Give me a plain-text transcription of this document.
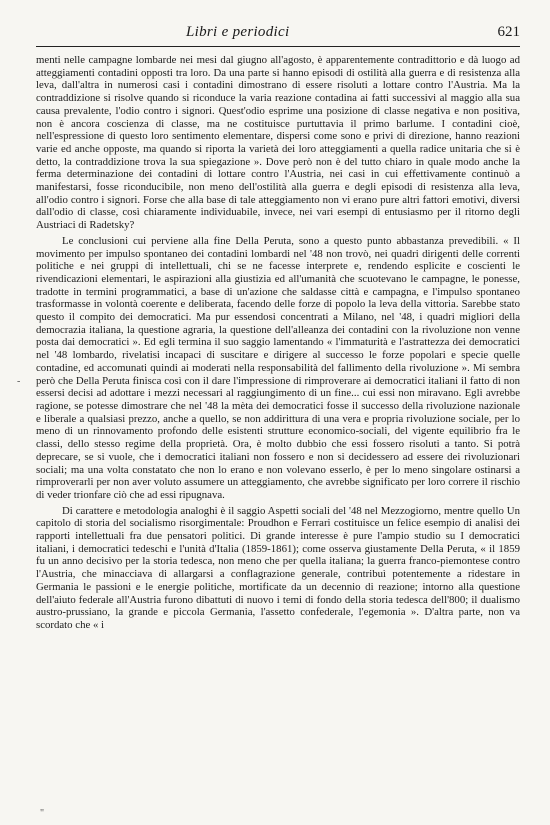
Libri e periodici	621
-

menti nelle campagne lombarde nei mesi dal giugno all'agosto, è apparentemente contradittorio e dà luogo ad atteggiamenti contadini opposti tra loro. Da una parte si hanno episodi di ostilità alla guerra e di resistenza alla leva, dall'altra in numerosi casi i contadini dimostrano di essere risoluti a lottare contro l'Austria. Ma la contraddizione si risolve quando si riconduce la varia reazione contadina ai fatti successivi al maggio alla sua causa prevalente, l'odio contro i signori. Quest'odio esprime una posizione di classe negativa e non positiva, non è ancora coscienza di classe, ma ne costituisce purtuttavia il primo barlume. I contadini cioè, nell'espressione di questo loro sentimento elementare, dispersi come sono e privi di direzione, hanno reazioni varie ed anche opposte, ma quando si riporta la varietà dei loro atteggiamenti a quella radice unitaria che si è detto, la contraddizione trova la sua spiegazione ». Dove però non è del tutto chiaro in quale modo anche la ferma determinazione dei contadini di lottare contro l'Austria, nei casi in cui effettivamente continuò a manifestarsi, fosse riconducibile, non meno dell'ostilità alla guerra e degli episodi di resistenza alla leva, all'odio contro i signori. Forse che alla base di tale atteggiamento non vi erano pure altri fattori emotivi, diversi dall'odio di classe, così chiaramente individuabile, invece, nei vari esempi di entusiasmo per il ritorno degli Austriaci di Radetsky?

Le conclusioni cui perviene alla fine Della Peruta, sono a questo punto abbastanza prevedibili. « Il movimento per impulso spontaneo dei contadini lombardi nel '48 non trovò, nei quadri dirigenti delle correnti politiche e nei gruppi di intellettuali, chi se ne facesse interprete e, rendendo esplicite e coscienti le rivendicazioni elementari, le aspirazioni alla giustizia ed all'umanità che scuotevano le campagne, le ponesse, tradotte in termini programmatici, a base di un'azione che saldasse città e campagna, e l'impulso spontaneo trasformasse in volontà coerente e deliberata, facendo delle forze di popolo la leva della vittoria. Sarebbe stato questo il compito dei democratici. Ma pur essendosi concentrati a Milano, nel '48, i quadri migliori della democrazia italiana, la questione agraria, la questione dell'alleanza dei contadini con la rivoluzione non venne posta dai democratici ». Ed egli termina il suo saggio lamentando « l'immaturità e l'astrattezza dei democratici nel '48 lombardo, rivelatisi incapaci di suscitare e dirigere al successo le forze popolari e specie quelle contadine, ed accomunati quindi ai moderati nella responsabilità del fallimento della rivoluzione ». Mi sembra però che Della Peruta finisca così con il dare l'impressione di rimproverare ai democratici italiani il fatto di non essersi decisi ad adottare i mezzi necessari al raggiungimento di un fine... cui essi non miravano. Egli avrebbe ragione, se potesse dimostrare che nel '48 la mèta dei democratici fosse il successo della rivoluzione nazionale e liberale a qualsiasi prezzo, anche a quello, se non addirittura di una vera e propria rivoluzione sociale, per lo meno di un rinnovamento profondo delle esistenti strutture economico-sociali, del vigente equilibrio fra le classi, dello stesso regime della proprietà. Ora, è molto dubbio che essi fossero risoluti a tanto. Si potrà deprecare, se si vuole, che i democratici italiani non fossero e non si decidessero ad essere dei rivoluzionari sociali; ma una volta constatato che non lo erano e non volevano esserlo, è per lo meno singolare ostinarsi a rimproverarli per non aver voluto assumere un atteggiamento, che avrebbe significato per loro correre il rischio di veder trionfare ciò che ad essi ripugnava.

Di carattere e metodologia analoghi è il saggio Aspetti sociali del '48 nel Mezzogiorno, mentre quello Un capitolo di storia del socialismo risorgimentale: Proudhon e Ferrari costituisce un felice esempio di analisi dei rapporti intellettuali fra due pensatori politici. Di grande interesse è pure l'ampio studio su I democratici italiani, i democratici tedeschi e l'unità d'Italia (1859-1861); come osserva giustamente Della Peruta, « il 1859 fu un anno decisivo per la storia tedesca, non meno che per quella italiana; la guerra franco-piemontese contro l'Austria, che minacciava di allargarsi a conflagrazione generale, contribuì potentemente a ridestare in Germania le passioni e le energie politiche, mortificate da un decennio di reazione; intorno alla questione dell'aiuto federale all'Austria furono dibattuti di nuovo i temi di fondo della storia tedesca dell'800; il dualismo austro-prussiano, la grande e piccola Germania, l'assetto confederale, l'egemonia ». D'altra parte, non va scordato che « i

"
